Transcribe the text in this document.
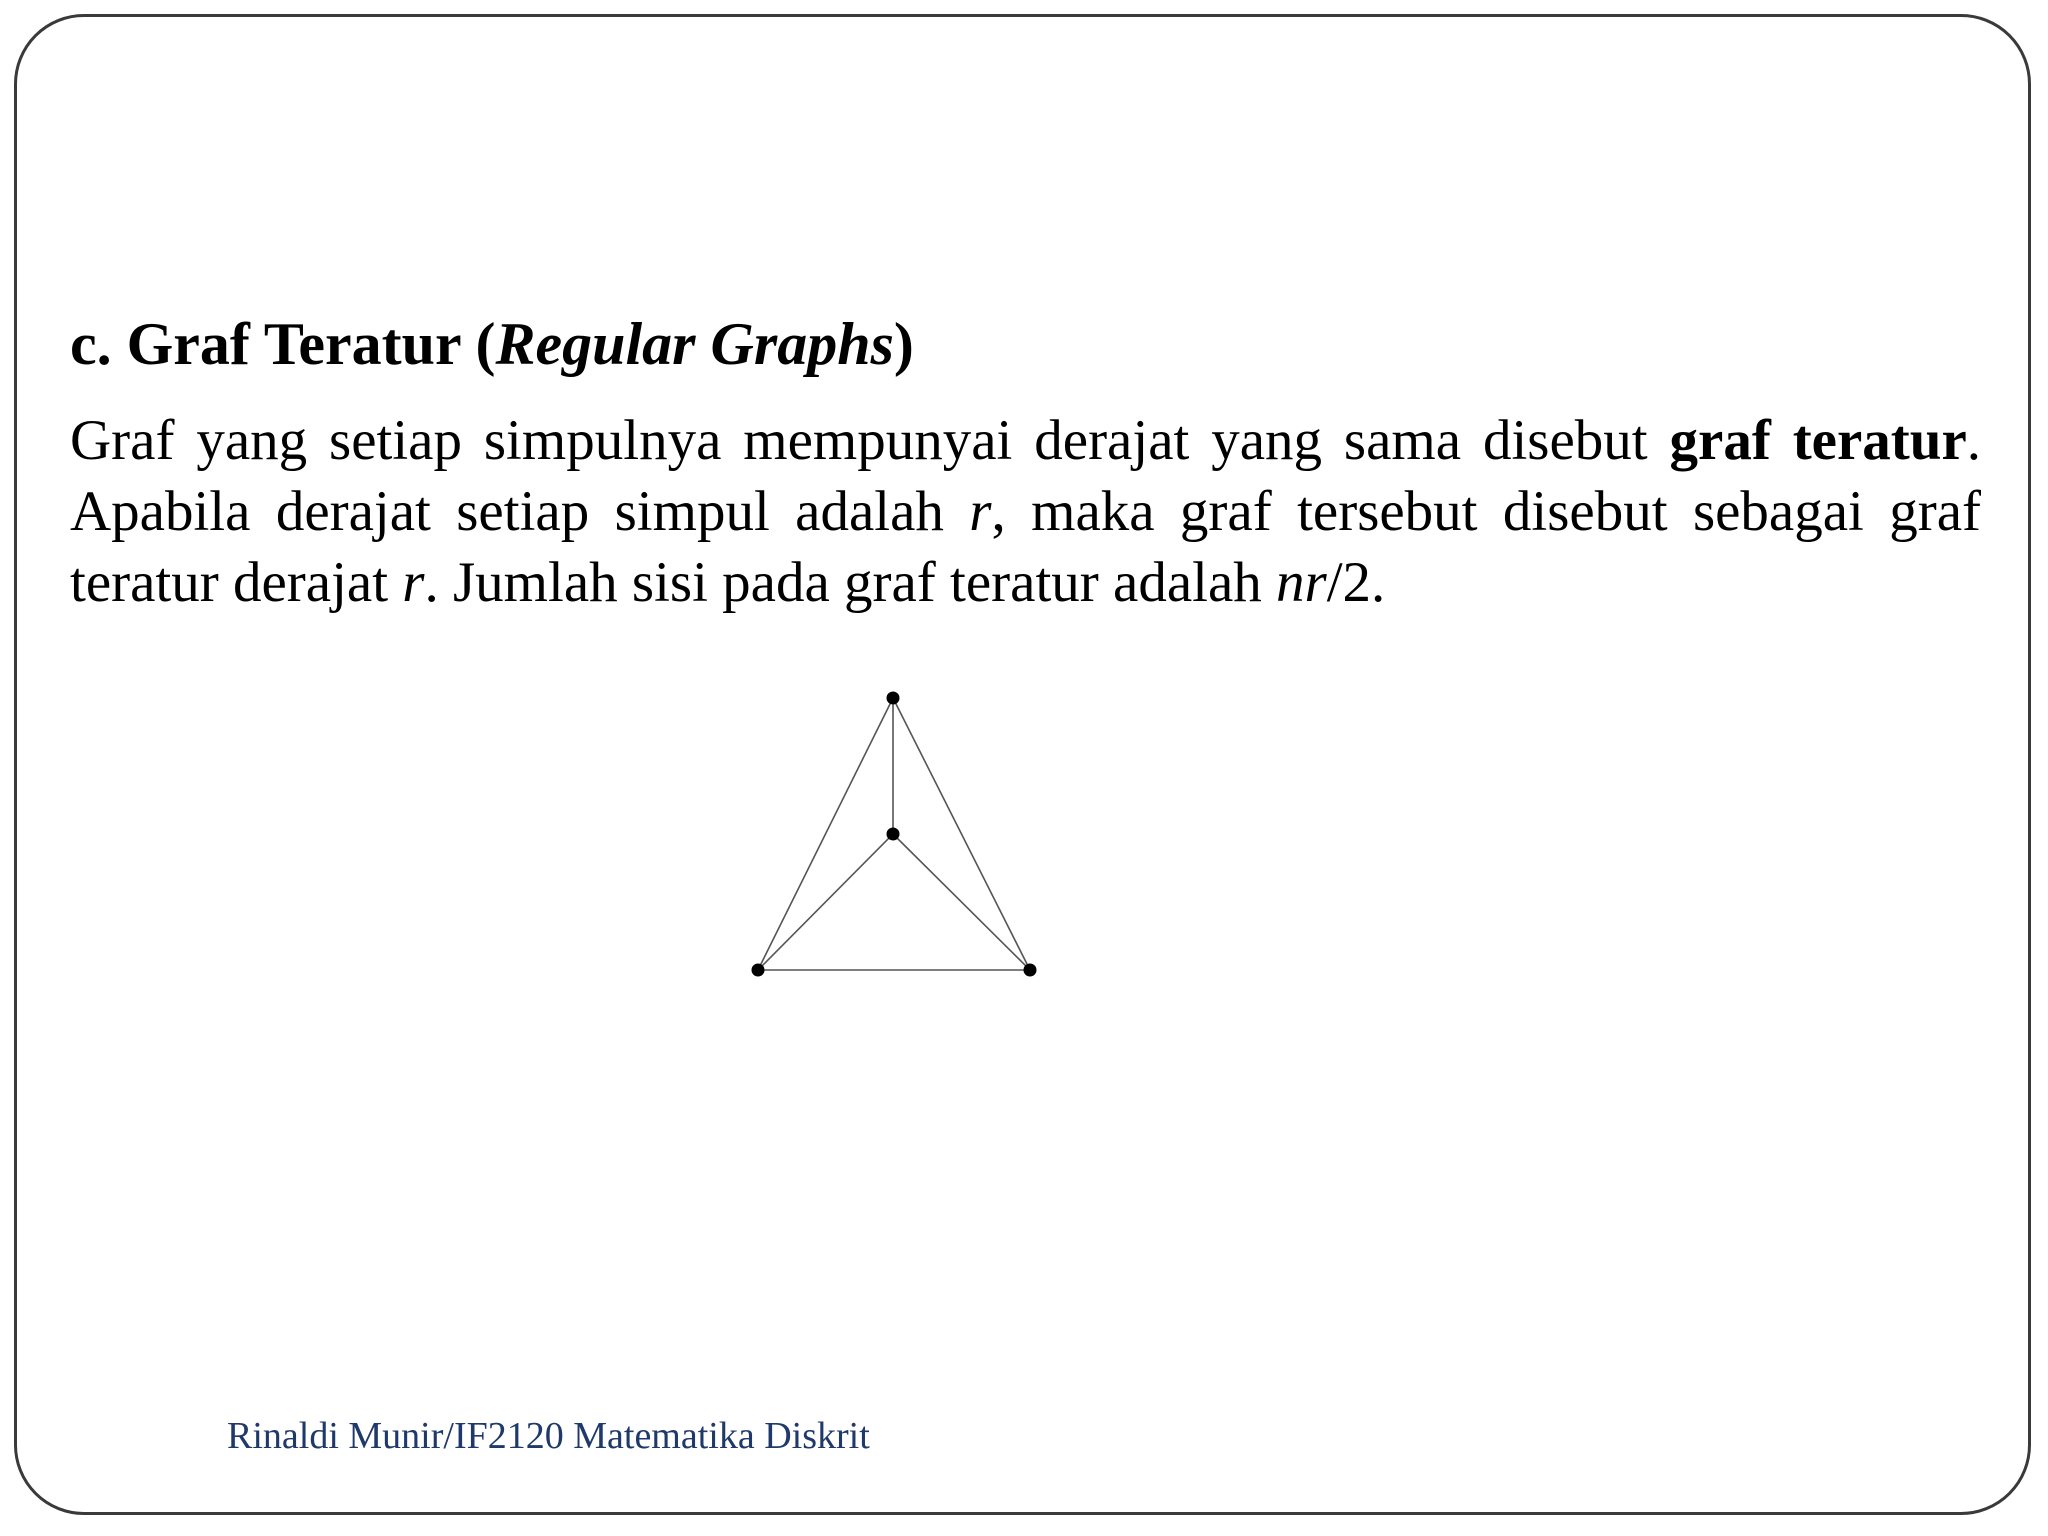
c. Graf Teratur (Regular Graphs)

Graf yang setiap simpulnya mempunyai derajat yang sama disebut graf teratur. Apabila derajat setiap simpul adalah r, maka graf tersebut disebut sebagai graf teratur derajat r. Jumlah sisi pada graf teratur adalah nr/2.

Rinaldi Munir/IF2120 Matematika Diskrit
